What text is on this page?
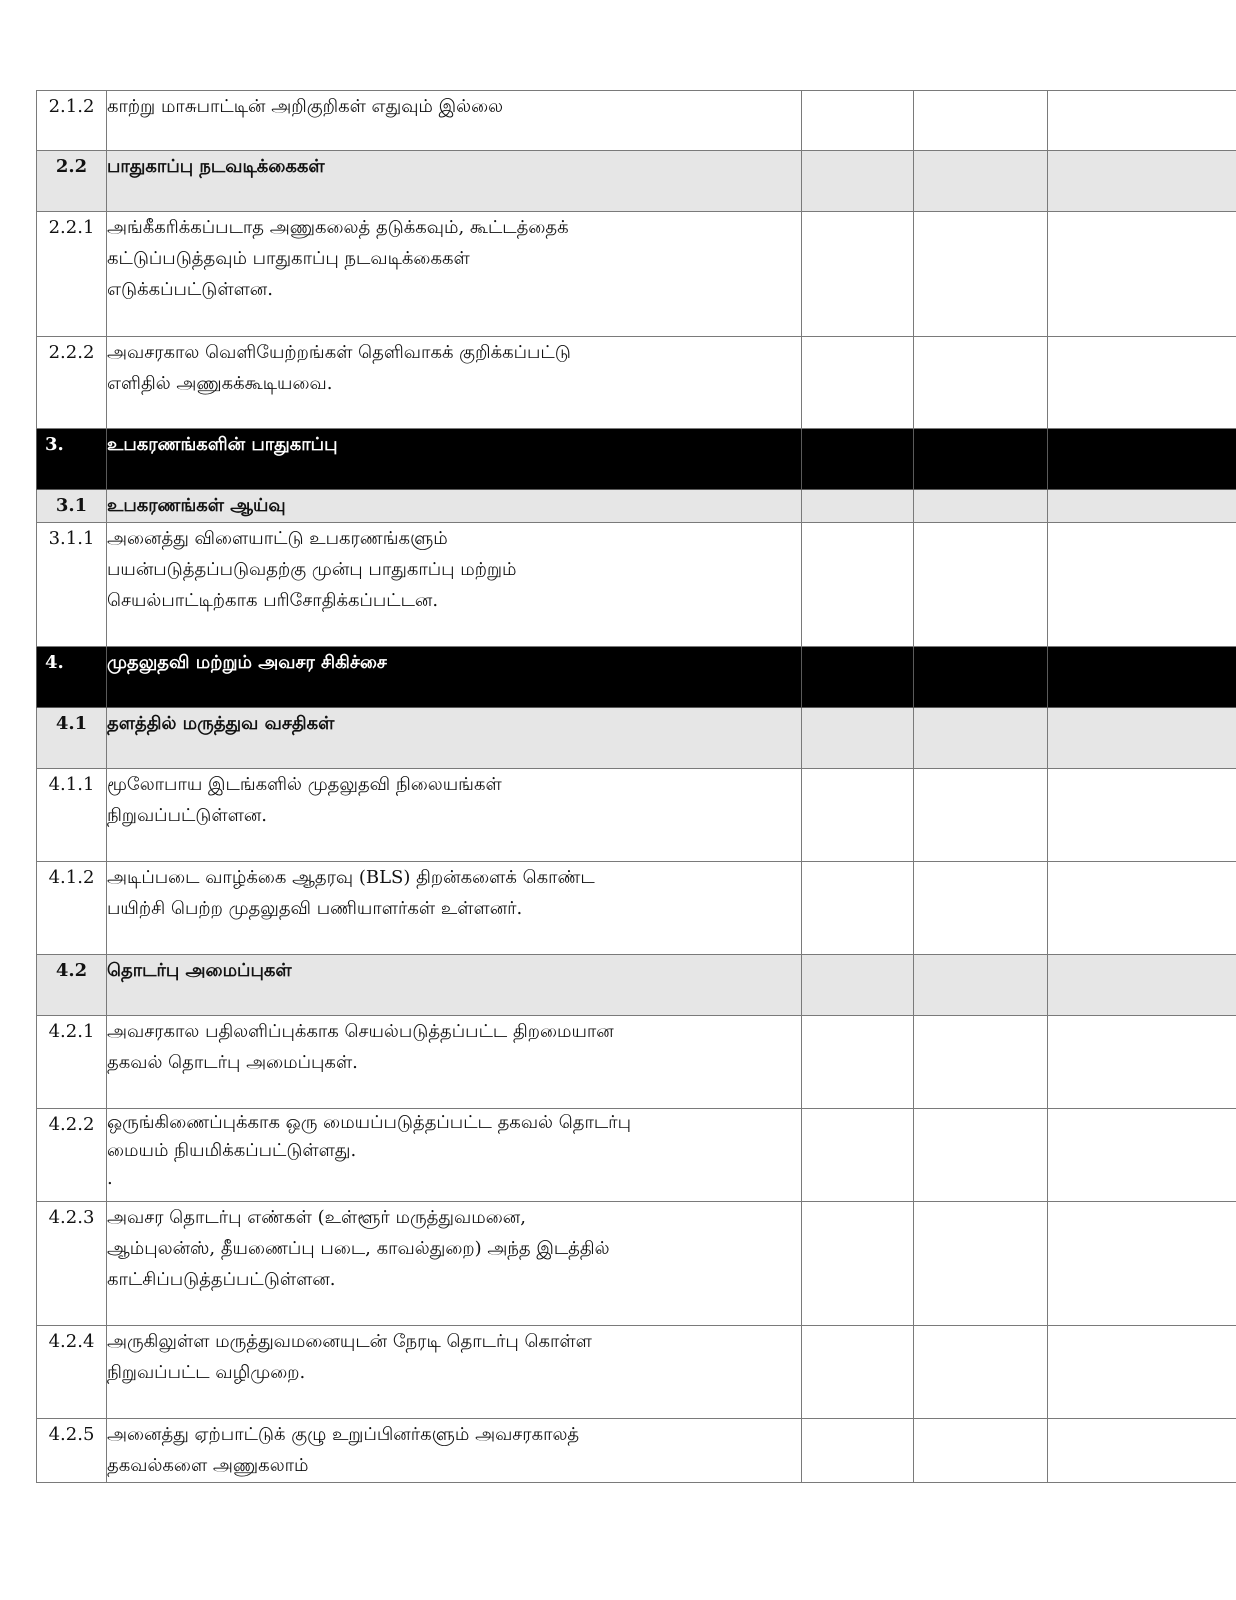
2.1.2	காற்று மாசுபாட்டின் அறிகுறிகள் எதுவும் இல்லை			
2.2	பாதுகாப்பு நடவடிக்கைகள்			
2.2.1	அங்கீகரிக்கப்படாத அணுகலைத் தடுக்கவும், கூட்டத்தைக்
கட்டுப்படுத்தவும் பாதுகாப்பு நடவடிக்கைகள்
எடுக்கப்பட்டுள்ளன.			
2.2.2	அவசரகால வெளியேற்றங்கள் தெளிவாகக் குறிக்கப்பட்டு
எளிதில் அணுகக்கூடியவை.			
3.	உபகரணங்களின் பாதுகாப்பு			
3.1	உபகரணங்கள் ஆய்வு			
3.1.1	அனைத்து விளையாட்டு உபகரணங்களும்
பயன்படுத்தப்படுவதற்கு முன்பு பாதுகாப்பு மற்றும்
செயல்பாட்டிற்காக பரிசோதிக்கப்பட்டன.			
4.	முதலுதவி மற்றும் அவசர சிகிச்சை			
4.1	தளத்தில் மருத்துவ வசதிகள்			
4.1.1	மூலோபாய இடங்களில் முதலுதவி நிலையங்கள்
நிறுவப்பட்டுள்ளன.			
4.1.2	அடிப்படை வாழ்க்கை ஆதரவு (BLS) திறன்களைக் கொண்ட
பயிற்சி பெற்ற முதலுதவி பணியாளர்கள் உள்ளனர்.			
4.2	தொடர்பு அமைப்புகள்			
4.2.1	அவசரகால பதிலளிப்புக்காக செயல்படுத்தப்பட்ட திறமையான
தகவல் தொடர்பு அமைப்புகள்.			
4.2.2	ஒருங்கிணைப்புக்காக ஒரு மையப்படுத்தப்பட்ட தகவல் தொடர்பு
மையம் நியமிக்கப்பட்டுள்ளது.
.			
4.2.3	அவசர தொடர்பு எண்கள் (உள்ளூர் மருத்துவமனை,
ஆம்புலன்ஸ், தீயணைப்பு படை, காவல்துறை) அந்த இடத்தில்
காட்சிப்படுத்தப்பட்டுள்ளன.			
4.2.4	அருகிலுள்ள மருத்துவமனையுடன் நேரடி தொடர்பு கொள்ள
நிறுவப்பட்ட வழிமுறை.			
4.2.5	அனைத்து ஏற்பாட்டுக் குழு உறுப்பினர்களும் அவசரகாலத்
தகவல்களை அணுகலாம்			
